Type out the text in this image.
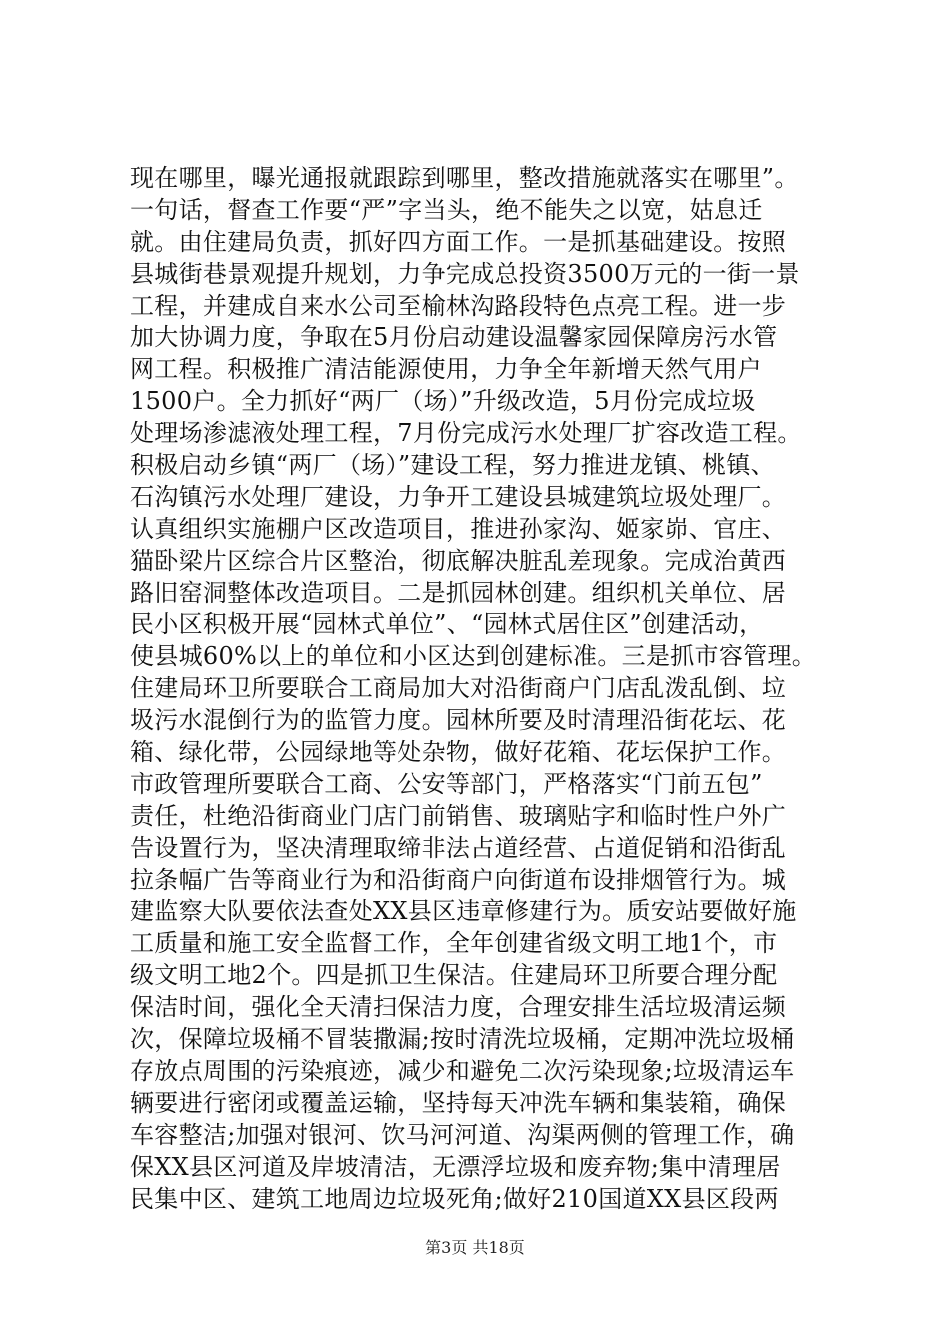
现在哪里，曝光通报就跟踪到哪里，整改措施就落实在哪里”。
一句话，督查工作要“严”字当头，绝不能失之以宽，姑息迁
就。由住建局负责，抓好四方面工作。一是抓基础建设。按照
县城街巷景观提升规划，力争完成总投资3500万元的一街一景
工程，并建成自来水公司至榆林沟路段特色点亮工程。进一步
加大协调力度，争取在5月份启动建设温馨家园保障房污水管
网工程。积极推广清洁能源使用，力争全年新增天然气用户
1500户。全力抓好“两厂（场）”升级改造，5月份完成垃圾
处理场渗滤液处理工程，7月份完成污水处理厂扩容改造工程。
积极启动乡镇“两厂（场）”建设工程，努力推进龙镇、桃镇、
石沟镇污水处理厂建设，力争开工建设县城建筑垃圾处理厂。
认真组织实施棚户区改造项目，推进孙家沟、姬家峁、官庄、
猫卧梁片区综合片区整治，彻底解决脏乱差现象。完成治黄西
路旧窑洞整体改造项目。二是抓园林创建。组织机关单位、居
民小区积极开展“园林式单位”、“园林式居住区”创建活动，
使县城60%以上的单位和小区达到创建标准。三是抓市容管理。
住建局环卫所要联合工商局加大对沿街商户门店乱泼乱倒、垃
圾污水混倒行为的监管力度。园林所要及时清理沿街花坛、花
箱、绿化带，公园绿地等处杂物，做好花箱、花坛保护工作。
市政管理所要联合工商、公安等部门，严格落实“门前五包”
责任，杜绝沿街商业门店门前销售、玻璃贴字和临时性户外广
告设置行为，坚决清理取缔非法占道经营、占道促销和沿街乱
拉条幅广告等商业行为和沿街商户向街道布设排烟管行为。城
建监察大队要依法查处XX县区违章修建行为。质安站要做好施
工质量和施工安全监督工作，全年创建省级文明工地1个，市
级文明工地2个。四是抓卫生保洁。住建局环卫所要合理分配
保洁时间，强化全天清扫保洁力度，合理安排生活垃圾清运频
次，保障垃圾桶不冒装撒漏;按时清洗垃圾桶，定期冲洗垃圾桶
存放点周围的污染痕迹，减少和避免二次污染现象;垃圾清运车
辆要进行密闭或覆盖运输，坚持每天冲洗车辆和集装箱，确保
车容整洁;加强对银河、饮马河河道、沟渠两侧的管理工作，确
保XX县区河道及岸坡清洁，无漂浮垃圾和废弃物;集中清理居
民集中区、建筑工地周边垃圾死角;做好210国道XX县区段两
第3页 共18页
